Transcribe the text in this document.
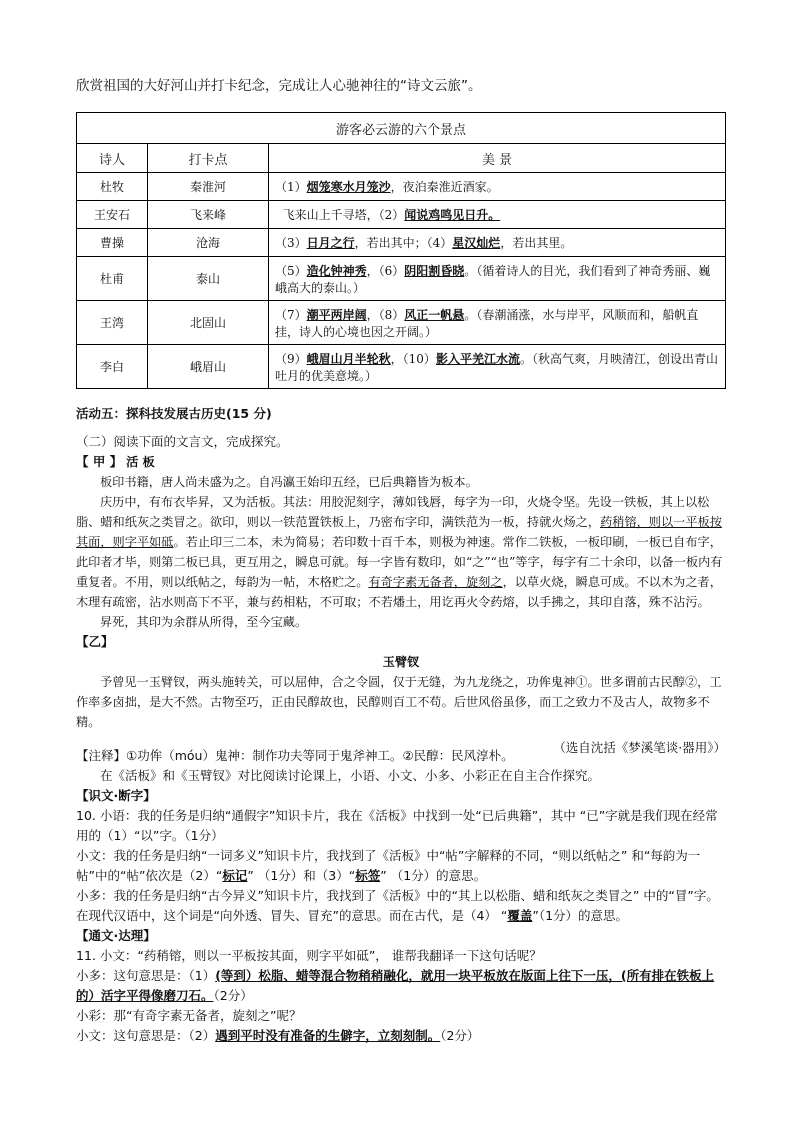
欣赏祖国的大好河山并打卡纪念，完成让人心驰神往的“诗文云旅”。
游客必云游的六个景点		
诗人	打卡点	美 景
杜牧	秦淮河	（1）烟笼寒水月笼沙，夜泊秦淮近酒家。
王安石	飞来峰	飞来山上千寻塔，（2）闻说鸡鸣见日升。
曹操	沧海	（3）日月之行，若出其中；（4）星汉灿烂，若出其里。
杜甫	泰山	（5）造化钟神秀，（6）阴阳割昏晓。（循着诗人的目光，我们看到了神奇秀丽、巍峨高大的泰山。）
王湾	北固山	（7）潮平两岸阔，（8）风正一帆悬。（春潮涌涨，水与岸平，风顺而和，船帆直挂，诗人的心境也因之开阔。）
李白	峨眉山	（9）峨眉山月半轮秋，（10）影入平羌江水流。（秋高气爽，月映清江，创设出青山吐月的优美意境。）
活动五：探科技发展古历史(15 分)
（二）阅读下面的文言文，完成探究。

【 甲 】 活 板

板印书籍，唐人尚未盛为之。自冯瀛王始印五经，已后典籍皆为板本。

庆历中，有布衣毕昇，又为活板。其法：用胶泥刻字，薄如钱唇，每字为一印，火烧令坚。先设一铁板，其上以松脂、蜡和纸灰之类冒之。欲印，则以一铁范置铁板上，乃密布字印，满铁范为一板，持就火炀之，药稍镕，则以一平板按其面，则字平如砥。若止印三二本，未为简易；若印数十百千本，则极为神速。常作二铁板，一板印刷，一板已自布字，此印者才毕，则第二板已具，更互用之，瞬息可就。每一字皆有数印，如“之”“也”等字，每字有二十余印，以备一板内有重复者。不用，则以纸帖之，每韵为一帖，木格贮之。有奇字素无备者，旋刻之，以草火烧，瞬息可成。不以木为之者，木理有疏密，沾水则高下不平，兼与药相粘，不可取；不若燔土，用讫再火令药熔，以手拂之，其印自落，殊不沾污。

昇死，其印为余群从所得，至今宝藏。

【乙】

玉臂钗

予曾见一玉臂钗，两头施转关，可以屈伸，合之令圆，仅于无缝，为九龙绕之，功侔鬼神①。世多谓前古民醇②，工作率多卤拙，是大不然。古物至巧，正由民醇故也，民醇则百工不苟。后世风俗虽侈，而工之致力不及古人，故物多不精。

（选自沈括《梦溪笔谈·器用》）

【注释】①功侔（móu）鬼神：制作功夫等同于鬼斧神工。②民醇：民风淳朴。

在《活板》和《玉臂钗》对比阅读讨论课上，小语、小文、小多、小彩正在自主合作探究。

【识文·断字】

10. 小语：我的任务是归纳“通假字”知识卡片，我在《活板》中找到一处“已后典籍”，其中 “已”字就是我们现在经常用的（1）“以”字。（1分）

小文：我的任务是归纳“一词多义”知识卡片，我找到了《活板》中“帖”字解释的不同，“则以纸帖之” 和“每韵为一帖”中的“帖”依次是（2）“标记” （1分）和（3）“标签” （1分）的意思。

小多：我的任务是归纳“古今异义”知识卡片，我找到了《活板》中的“其上以松脂、蜡和纸灰之类冒之” 中的“冒”字。在现代汉语中，这个词是“向外透、冒失、冒充”的意思。而在古代，是（4） “覆盖”（1分）的意思。

【通文·达理】

11. 小文：“药稍镕，则以一平板按其面，则字平如砥”， 谁帮我翻译一下这句话呢？

小多：这句意思是：（1）(等到）松脂、蜡等混合物稍稍融化，就用一块平板放在版面上往下一压，(所有排在铁板上的）活字平得像磨刀石。（2分）

小彩：那“有奇字素无备者，旋刻之”呢？

小文：这句意思是：（2）遇到平时没有准备的生僻字，立刻刻制。（2分）
